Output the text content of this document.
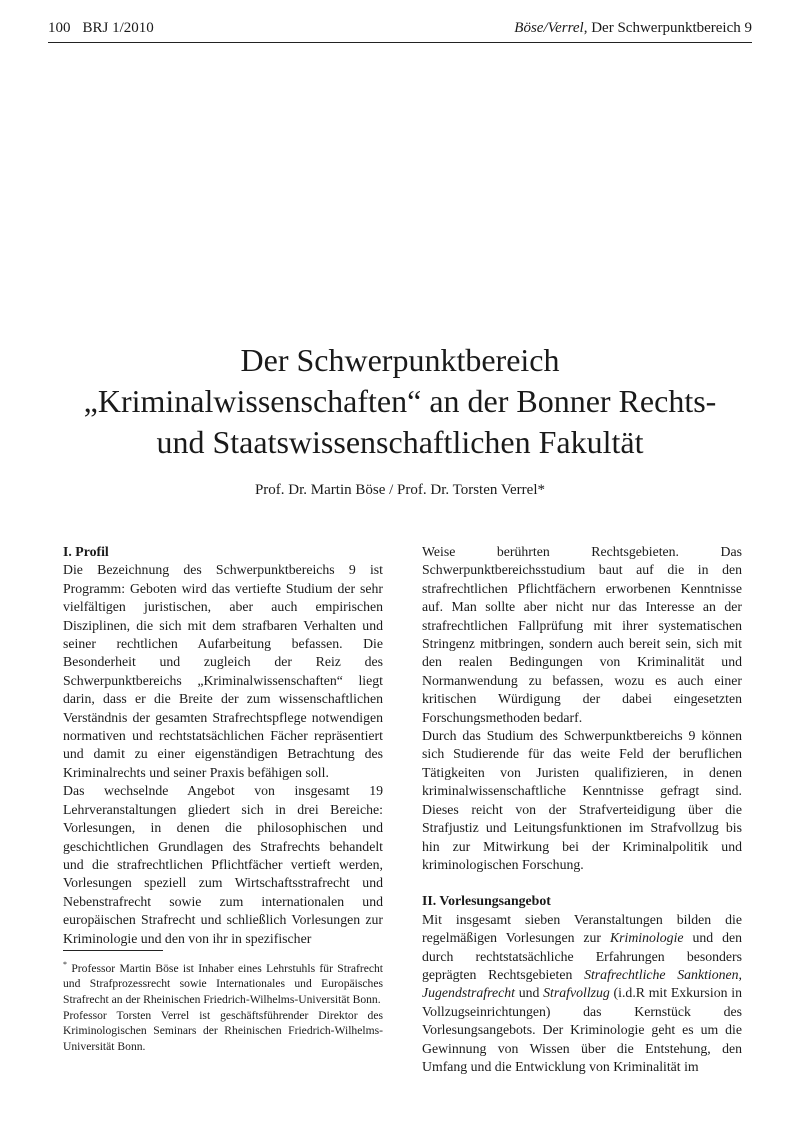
100 BRJ 1/2010	Böse/Verrel, Der Schwerpunktbereich 9
Der Schwerpunktbereich
„Kriminalwissenschaften“ an der Bonner Rechts-
und Staatswissenschaftlichen Fakultät
Prof. Dr. Martin Böse / Prof. Dr. Torsten Verrel*
I. Profil

Die Bezeichnung des Schwerpunktbereichs 9 ist Programm: Geboten wird das vertiefte Studium der sehr vielfältigen juristischen, aber auch empirischen Disziplinen, die sich mit dem strafbaren Verhalten und seiner rechtlichen Aufarbeitung befassen. Die Besonderheit und zugleich der Reiz des Schwerpunktbereichs „Kriminalwissenschaften“ liegt darin, dass er die Breite der zum wissenschaftlichen Verständnis der gesamten Strafrechtspflege notwendigen normativen und rechtstatsächlichen Fächer repräsentiert und damit zu einer eigenständigen Betrachtung des Kriminalrechts und seiner Praxis befähigen soll.

Das wechselnde Angebot von insgesamt 19 Lehrveranstaltungen gliedert sich in drei Bereiche: Vorlesungen, in denen die philosophischen und geschichtlichen Grundlagen des Strafrechts behandelt und die strafrechtlichen Pflichtfächer vertieft werden, Vorlesungen speziell zum Wirtschaftsstrafrecht und Nebenstrafrecht sowie zum internationalen und europäischen Strafrecht und schließlich Vorlesungen zur Kriminologie und den von ihr in spezifischer

Weise berührten Rechtsgebieten. Das Schwerpunktbereichsstudium baut auf die in den strafrechtlichen Pflichtfächern erworbenen Kenntnisse auf. Man sollte aber nicht nur das Interesse an der strafrechtlichen Fallprüfung mit ihrer systematischen Stringenz mitbringen, sondern auch bereit sein, sich mit den realen Bedingungen von Kriminalität und Normanwendung zu befassen, wozu es auch einer kritischen Würdigung der dabei eingesetzten Forschungsmethoden bedarf.

Durch das Studium des Schwerpunktbereichs 9 können sich Studierende für das weite Feld der beruflichen Tätigkeiten von Juristen qualifizieren, in denen kriminalwissenschaftliche Kenntnisse gefragt sind. Dieses reicht von der Strafverteidigung über die Strafjustiz und Leitungsfunktionen im Strafvollzug bis hin zur Mitwirkung bei der Kriminalpolitik und kriminologischen Forschung.

II. Vorlesungsangebot

Mit insgesamt sieben Veranstaltungen bilden die regelmäßigen Vorlesungen zur Kriminologie und den durch rechtstatsächliche Erfahrungen besonders geprägten Rechtsgebieten Strafrechtliche Sanktionen, Jugendstrafrecht und Strafvollzug (i.d.R mit Exkursion in Vollzugseinrichtungen) das Kernstück des Vorlesungsangebots. Der Kriminologie geht es um die Gewinnung von Wissen über die Entstehung, den Umfang und die Entwicklung von Kriminalität im

* Professor Martin Böse ist Inhaber eines Lehrstuhls für Strafrecht und Strafprozessrecht sowie Internationales und Europäisches Strafrecht an der Rheinischen Friedrich-Wilhelms-Universität Bonn.

Professor Torsten Verrel ist geschäftsführender Direktor des Kriminologischen Seminars der Rheinischen Friedrich-Wilhelms-Universität Bonn.
